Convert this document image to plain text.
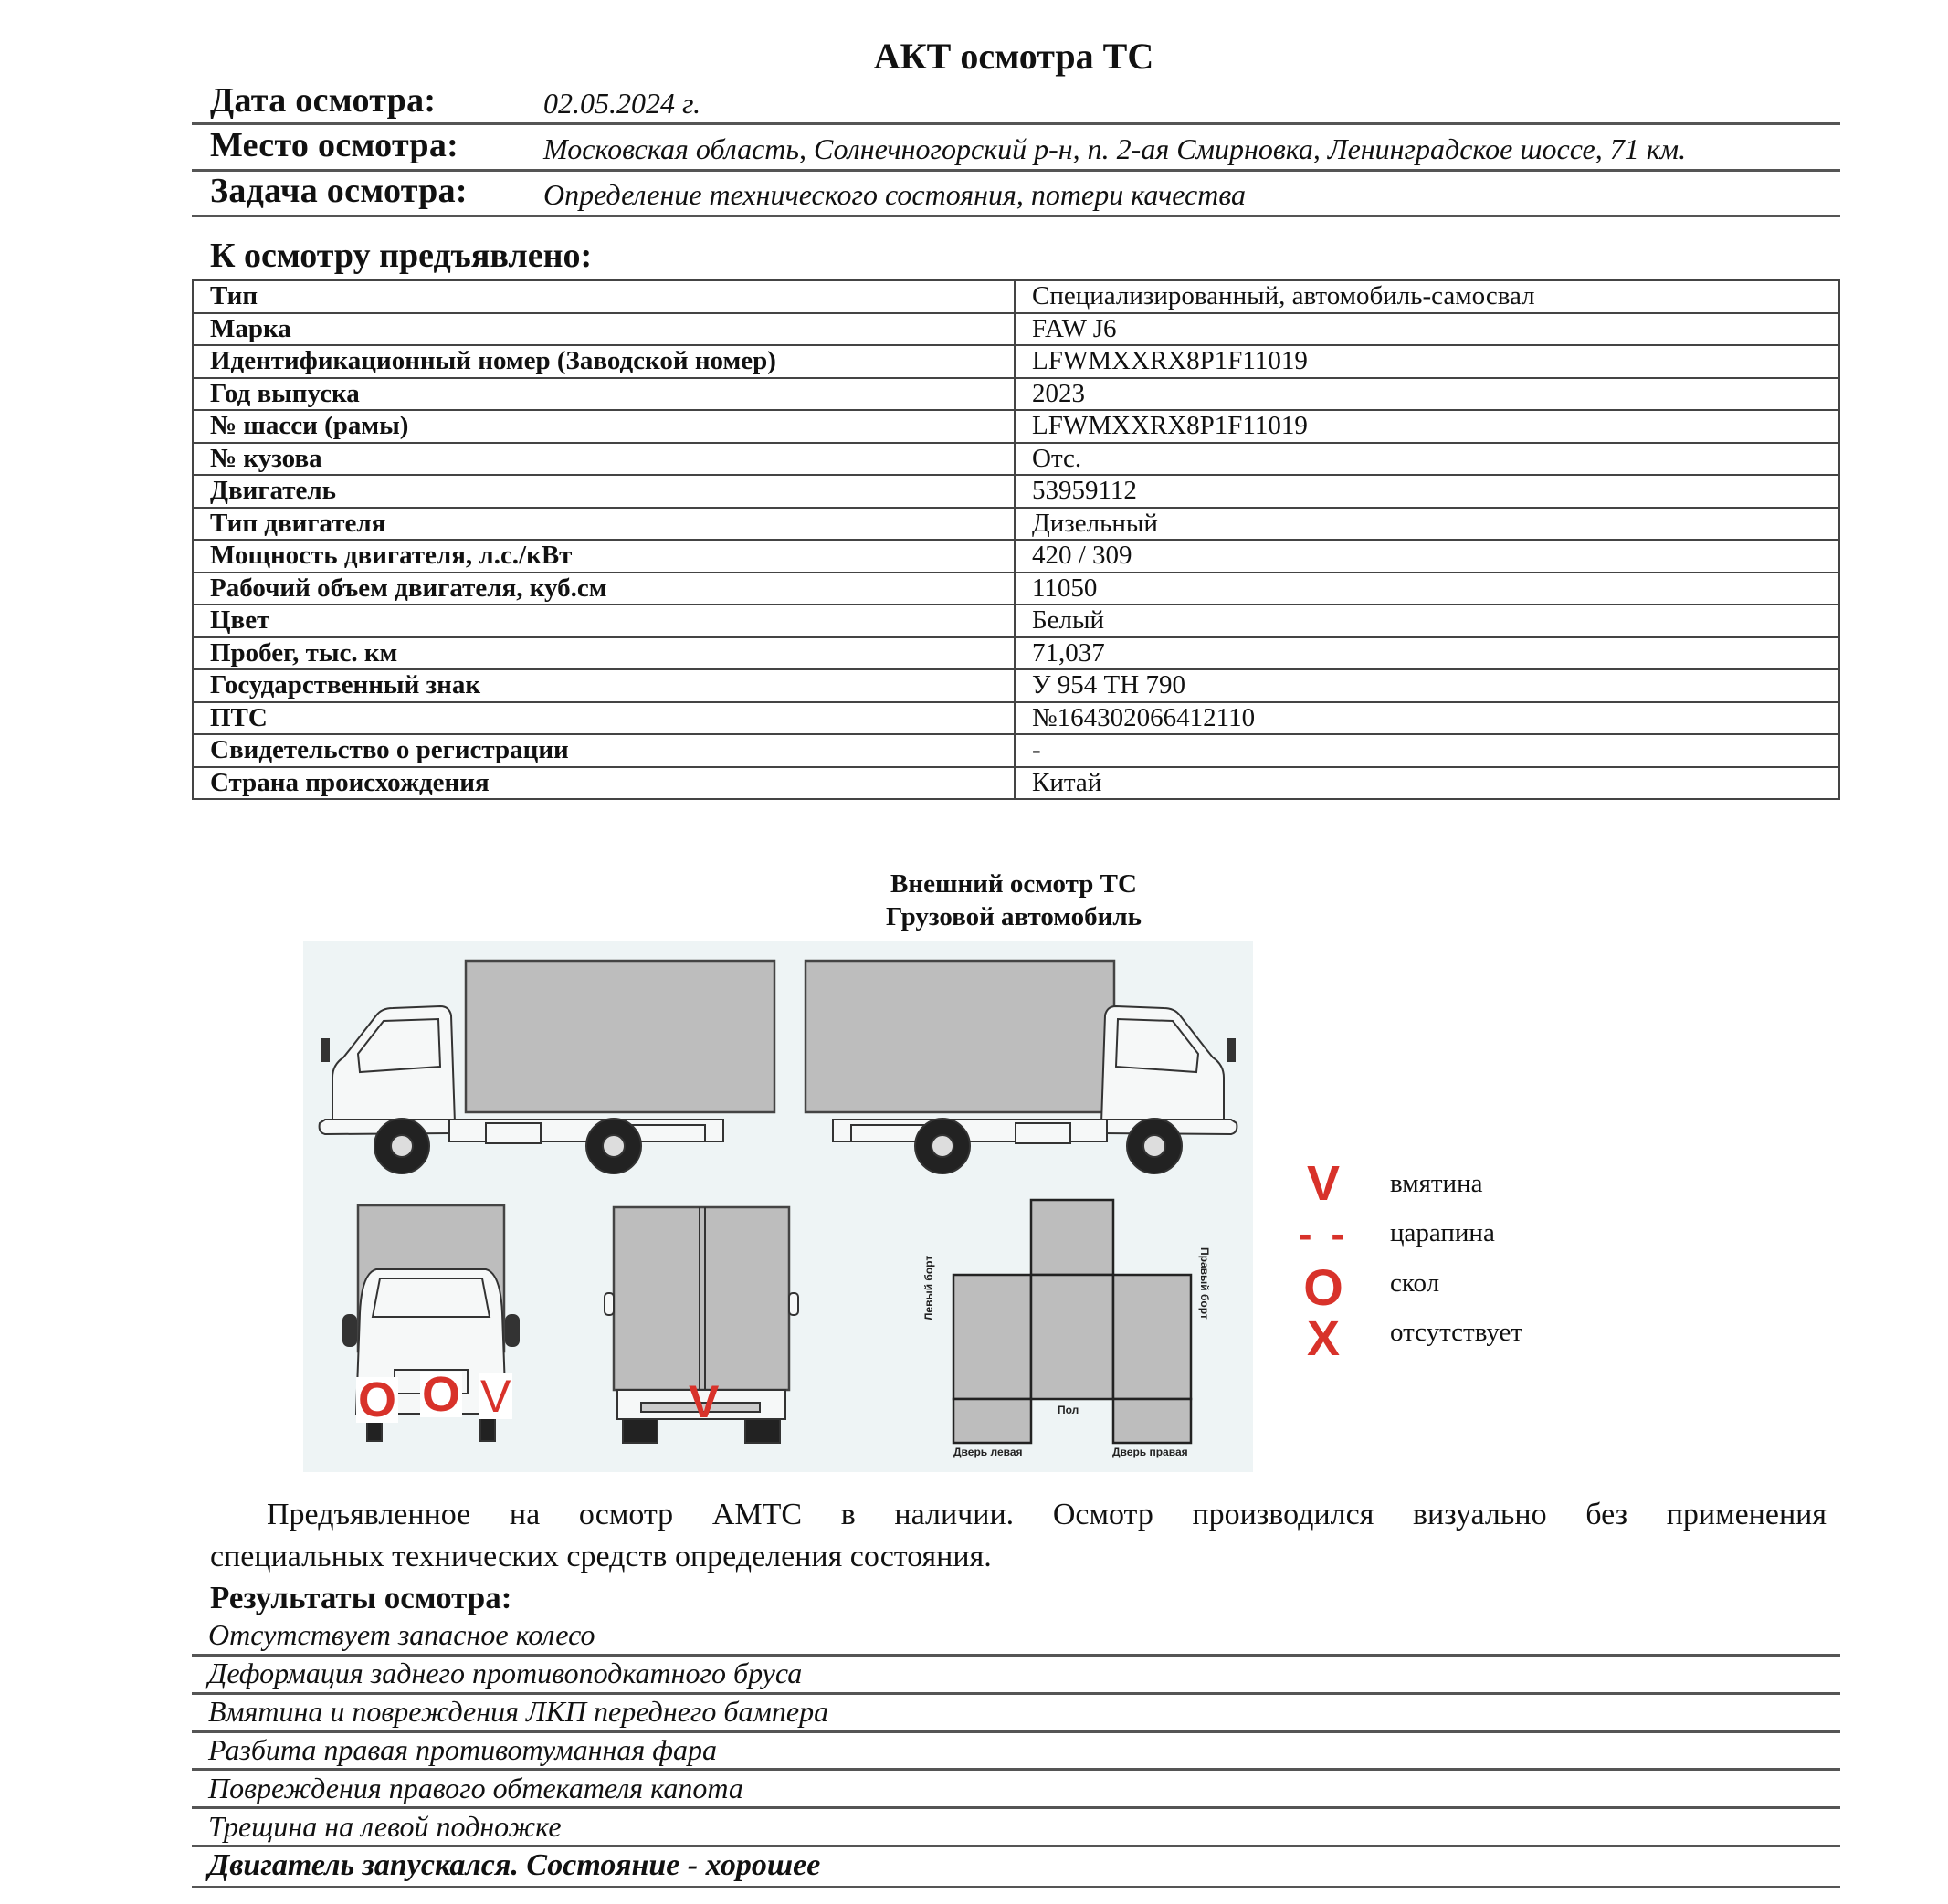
АКТ осмотра ТС
Дата осмотра:	02.05.2024 г.
Место осмотра:	Московская область, Солнечногорский р-н, п. 2-ая Смирновка, Ленинградское шоссе, 71 км.
Задача осмотра:	Определение технического состояния, потери качества
К осмотру предъявлено:
Тип	Специализированный, автомобиль-самосвал
Марка	FAW J6
Идентификационный номер (Заводской номер)	LFWMXXRX8P1F11019
Год выпуска	2023
№ шасси (рамы)	LFWMXXRX8P1F11019
№ кузова	Отс.
Двигатель	53959112
Тип двигателя	Дизельный
Мощность двигателя, л.с./кВт	420 / 309
Рабочий объем двигателя, куб.см	11050
Цвет	Белый
Пробег, тыс. км	71,037
Государственный знак	У 954 ТН 790
ПТС	№164302066412110
Свидетельство о регистрации	-
Страна происхождения	Китай
Внешний осмотр ТС
Грузовой автомобиль
Левый борт	Правый борт
Пол
Дверь левая	Дверь правая
O O V	V
V	вмятина
- -	царапина
O	скол
X	отсутствует
Предъявленное на осмотр АМТС в наличии. Осмотр производился визуально без применения
специальных технических средств определения состояния.
Результаты осмотра:
Отсутствует запасное колесо
Деформация заднего противоподкатного бруса
Вмятина и повреждения ЛКП переднего бампера
Разбита правая противотуманная фара
Повреждения правого обтекателя капота
Трещина на левой подножке
Двигатель запускался. Состояние - хорошее
